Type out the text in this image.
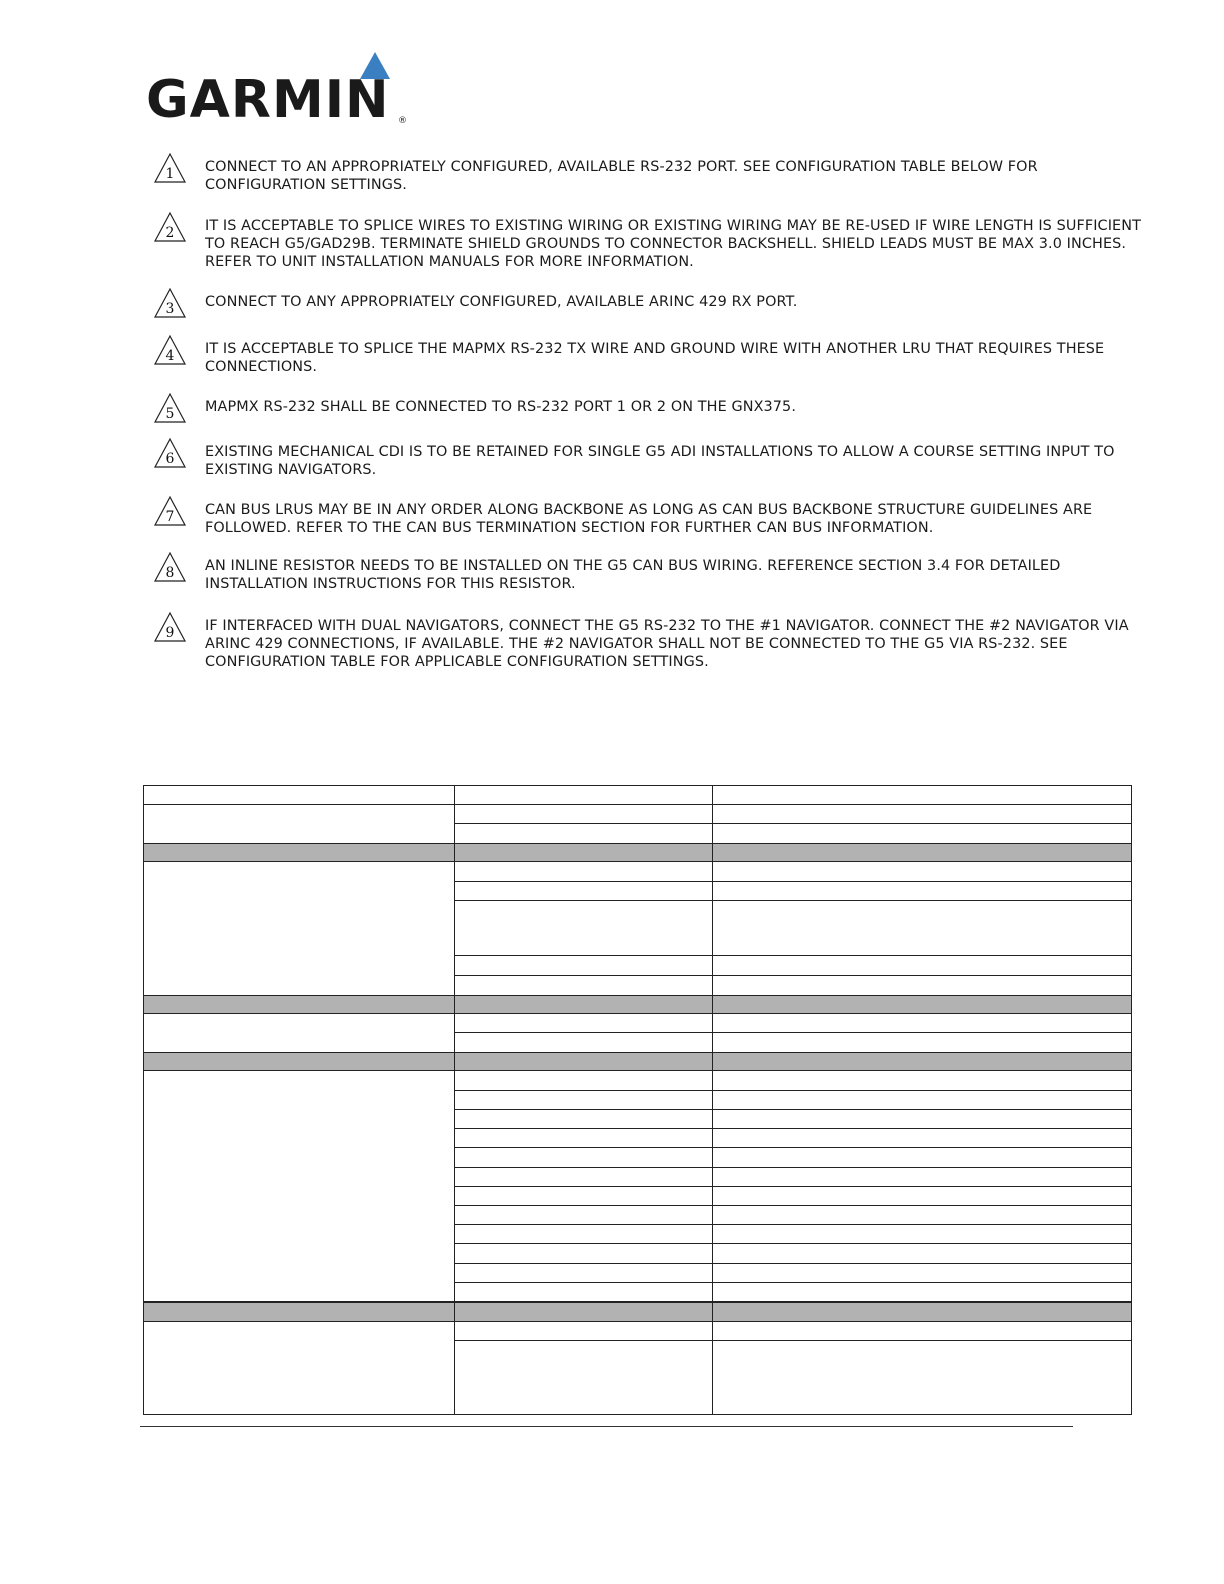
GARMIN ®
1 CONNECT TO AN APPROPRIATELY CONFIGURED, AVAILABLE RS-232 PORT. SEE CONFIGURATION TABLE BELOW FOR CONFIGURATION SETTINGS.
2 IT IS ACCEPTABLE TO SPLICE WIRES TO EXISTING WIRING OR EXISTING WIRING MAY BE RE-USED IF WIRE LENGTH IS SUFFICIENT TO REACH G5/GAD29B. TERMINATE SHIELD GROUNDS TO CONNECTOR BACKSHELL. SHIELD LEADS MUST BE MAX 3.0 INCHES. REFER TO UNIT INSTALLATION MANUALS FOR MORE INFORMATION.
3 CONNECT TO ANY APPROPRIATELY CONFIGURED, AVAILABLE ARINC 429 RX PORT.
4 IT IS ACCEPTABLE TO SPLICE THE MAPMX RS-232 TX WIRE AND GROUND WIRE WITH ANOTHER LRU THAT REQUIRES THESE CONNECTIONS.
5 MAPMX RS-232 SHALL BE CONNECTED TO RS-232 PORT 1 OR 2 ON THE GNX375.
6 EXISTING MECHANICAL CDI IS TO BE RETAINED FOR SINGLE G5 ADI INSTALLATIONS TO ALLOW A COURSE SETTING INPUT TO EXISTING NAVIGATORS.
7 CAN BUS LRUS MAY BE IN ANY ORDER ALONG BACKBONE AS LONG AS CAN BUS BACKBONE STRUCTURE GUIDELINES ARE FOLLOWED. REFER TO THE CAN BUS TERMINATION SECTION FOR FURTHER CAN BUS INFORMATION.
8 AN INLINE RESISTOR NEEDS TO BE INSTALLED ON THE G5 CAN BUS WIRING. REFERENCE SECTION 3.4 FOR DETAILED INSTALLATION INSTRUCTIONS FOR THIS RESISTOR.
9 IF INTERFACED WITH DUAL NAVIGATORS, CONNECT THE G5 RS-232 TO THE #1 NAVIGATOR. CONNECT THE #2 NAVIGATOR VIA ARINC 429 CONNECTIONS, IF AVAILABLE. THE #2 NAVIGATOR SHALL NOT BE CONNECTED TO THE G5 VIA RS-232. SEE CONFIGURATION TABLE FOR APPLICABLE CONFIGURATION SETTINGS.
